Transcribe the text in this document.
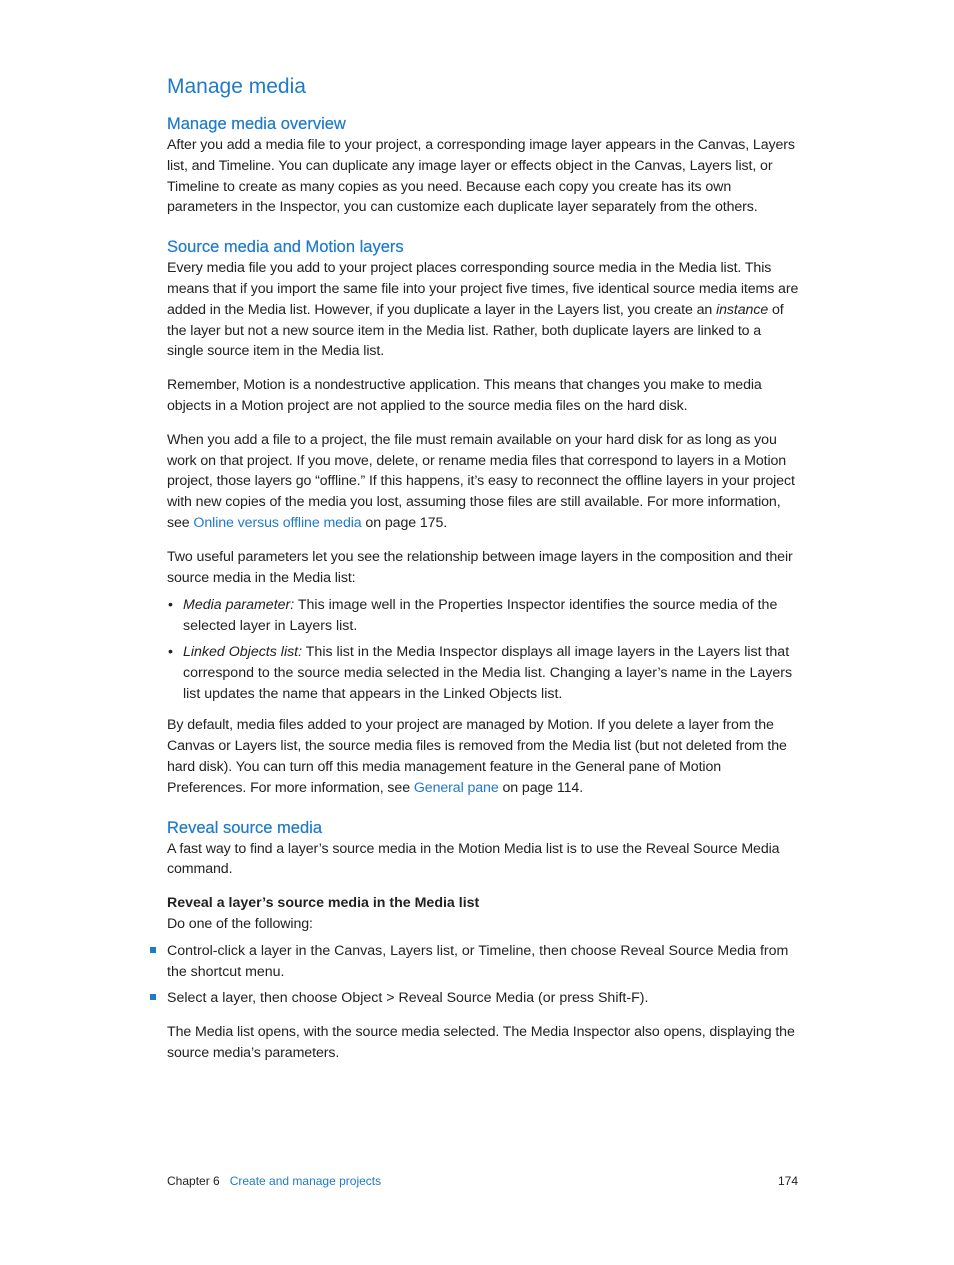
Manage media
Manage media overview

After you add a media file to your project, a corresponding image layer appears in the Canvas, Layers list, and Timeline. You can duplicate any image layer or effects object in the Canvas, Layers list, or Timeline to create as many copies as you need. Because each copy you create has its own parameters in the Inspector, you can customize each duplicate layer separately from the others.

Source media and Motion layers

Every media file you add to your project places corresponding source media in the Media list. This means that if you import the same file into your project five times, five identical source media items are added in the Media list. However, if you duplicate a layer in the Layers list, you create an instance of the layer but not a new source item in the Media list. Rather, both duplicate layers are linked to a single source item in the Media list.

Remember, Motion is a nondestructive application. This means that changes you make to media objects in a Motion project are not applied to the source media files on the hard disk.

When you add a file to a project, the file must remain available on your hard disk for as long as you work on that project. If you move, delete, or rename media files that correspond to layers in a Motion project, those layers go “offline.” If this happens, it’s easy to reconnect the offline layers in your project with new copies of the media you lost, assuming those files are still available. For more information, see Online versus offline media on page 175.

Two useful parameters let you see the relationship between image layers in the composition and their source media in the Media list:

• Media parameter: This image well in the Properties Inspector identifies the source media of the selected layer in Layers list.
• Linked Objects list: This list in the Media Inspector displays all image layers in the Layers list that correspond to the source media selected in the Media list. Changing a layer’s name in the Layers list updates the name that appears in the Linked Objects list.

By default, media files added to your project are managed by Motion. If you delete a layer from the Canvas or Layers list, the source media files is removed from the Media list (but not deleted from the hard disk). You can turn off this media management feature in the General pane of Motion Preferences. For more information, see General pane on page 114.

Reveal source media

A fast way to find a layer’s source media in the Motion Media list is to use the Reveal Source Media command.

Reveal a layer’s source media in the Media list

Do one of the following:

Control-click a layer in the Canvas, Layers list, or Timeline, then choose Reveal Source Media from the shortcut menu.
Select a layer, then choose Object > Reveal Source Media (or press Shift-F).

The Media list opens, with the source media selected. The Media Inspector also opens, displaying the source media’s parameters.

Chapter 6 Create and manage projects	174
